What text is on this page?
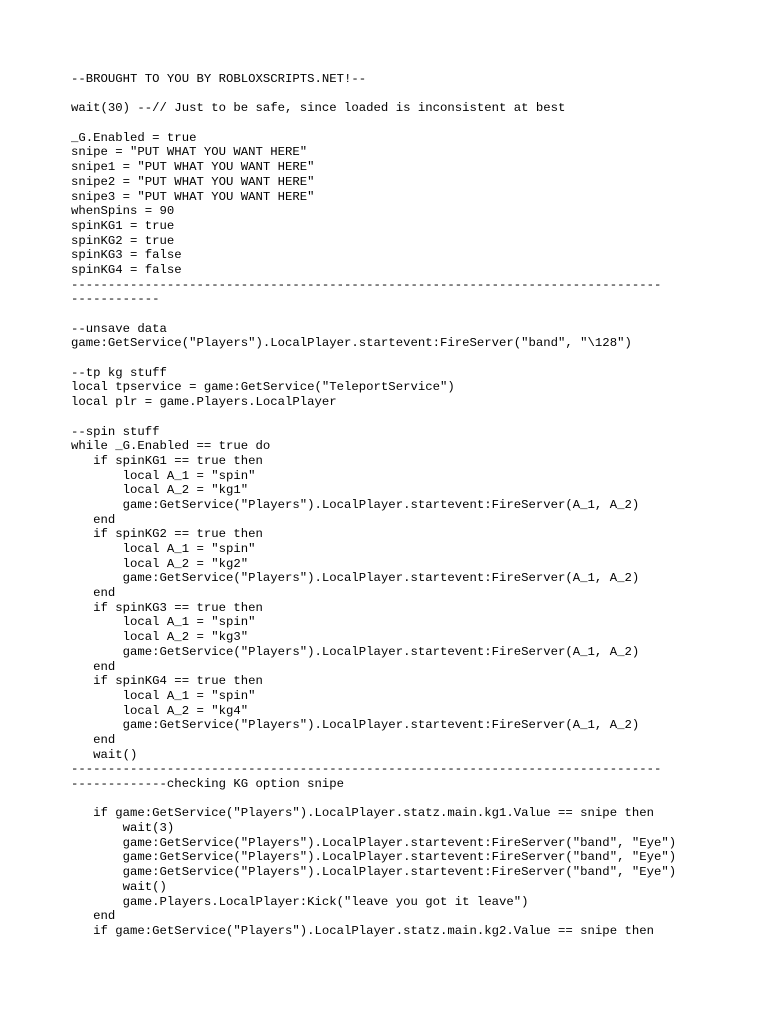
--BROUGHT TO YOU BY ROBLOXSCRIPTS.NET!--
wait(30) --// Just to be safe, since loaded is inconsistent at best
_G.Enabled = true
snipe = "PUT WHAT YOU WANT HERE"
snipe1 = "PUT WHAT YOU WANT HERE"
snipe2 = "PUT WHAT YOU WANT HERE"
snipe3 = "PUT WHAT YOU WANT HERE"
whenSpins = 90
spinKG1 = true
spinKG2 = true
spinKG3 = false
spinKG4 = false
--------------------------------------------------------------------------------
------------
--unsave data
game:GetService("Players").LocalPlayer.startevent:FireServer("band", "\128")
--tp kg stuff
local tpservice = game:GetService("TeleportService")
local plr = game.Players.LocalPlayer
--spin stuff
while _G.Enabled == true do
if spinKG1 == true then
local A_1 = "spin"
local A_2 = "kg1"
game:GetService("Players").LocalPlayer.startevent:FireServer(A_1, A_2)
end
if spinKG2 == true then
local A_1 = "spin"
local A_2 = "kg2"
game:GetService("Players").LocalPlayer.startevent:FireServer(A_1, A_2)
end
if spinKG3 == true then
local A_1 = "spin"
local A_2 = "kg3"
game:GetService("Players").LocalPlayer.startevent:FireServer(A_1, A_2)
end
if spinKG4 == true then
local A_1 = "spin"
local A_2 = "kg4"
game:GetService("Players").LocalPlayer.startevent:FireServer(A_1, A_2)
end
wait()
--------------------------------------------------------------------------------
-------------checking KG option snipe
if game:GetService("Players").LocalPlayer.statz.main.kg1.Value == snipe then
wait(3)
game:GetService("Players").LocalPlayer.startevent:FireServer("band", "Eye")
game:GetService("Players").LocalPlayer.startevent:FireServer("band", "Eye")
game:GetService("Players").LocalPlayer.startevent:FireServer("band", "Eye")
wait()
game.Players.LocalPlayer:Kick("leave you got it leave")
end
if game:GetService("Players").LocalPlayer.statz.main.kg2.Value == snipe then
